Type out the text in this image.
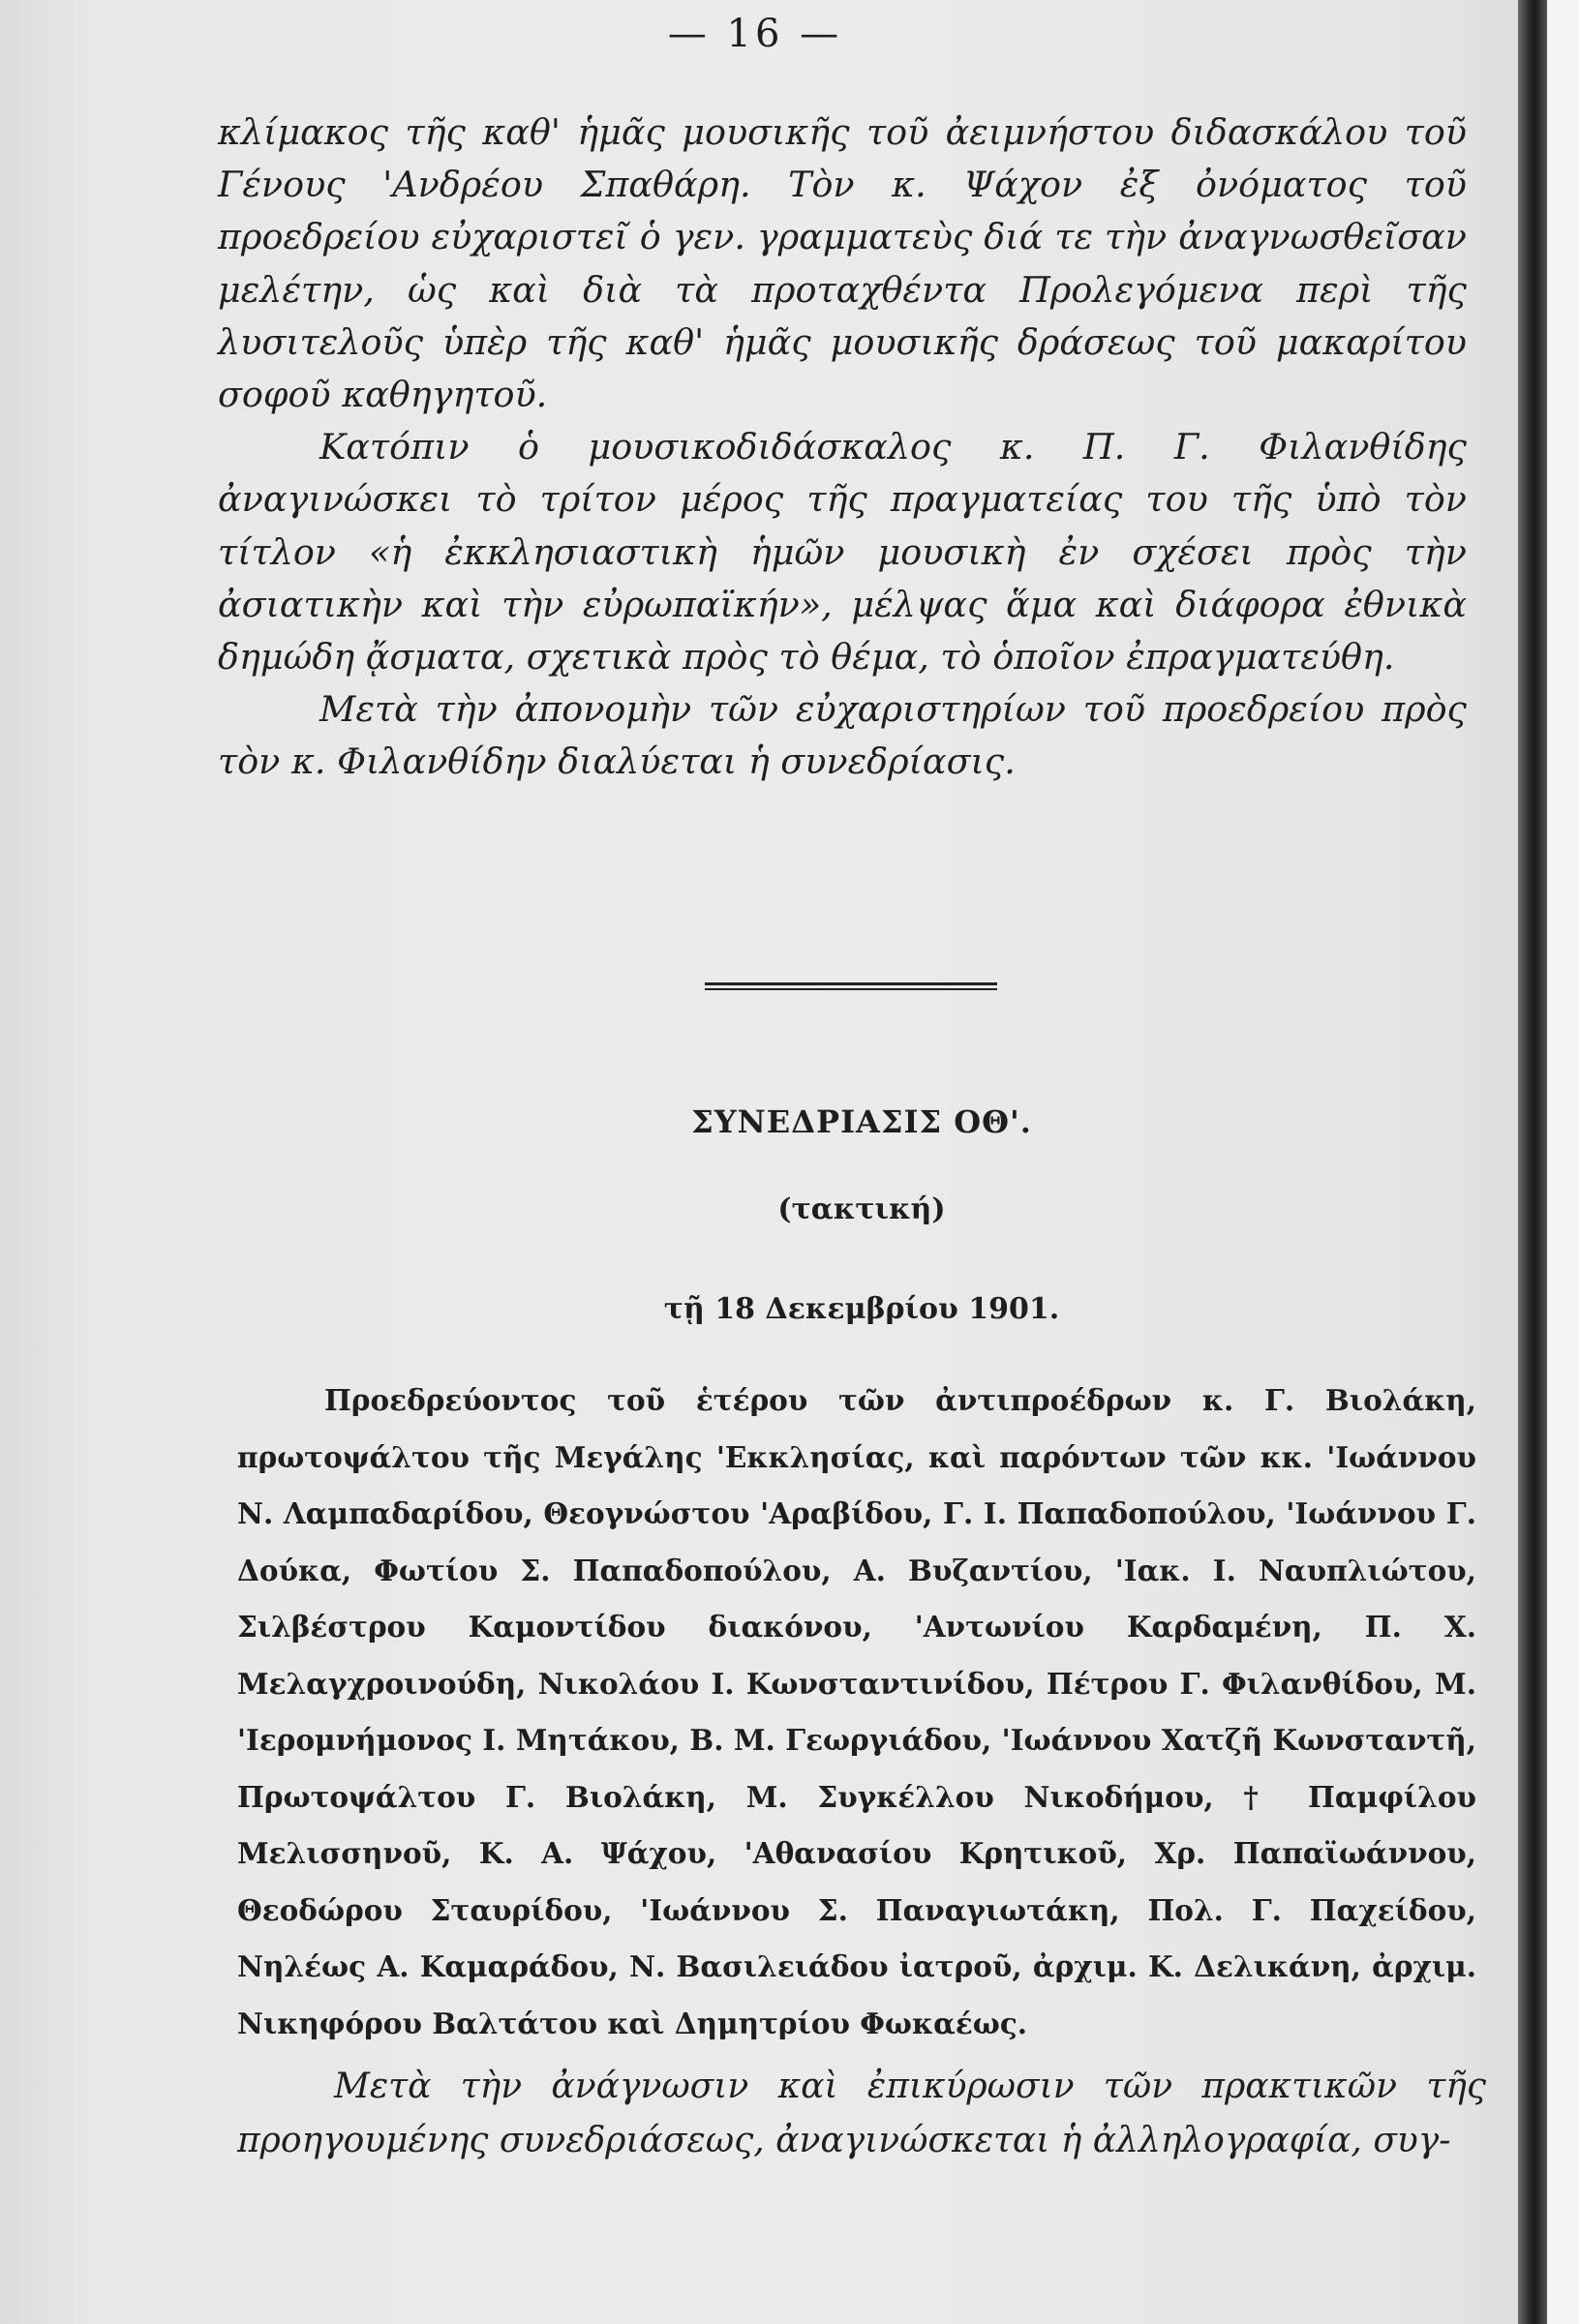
— 16 —

κλίμακος τῆς καθ' ἡμᾶς μουσικῆς τοῦ ἀειμνήστου διδασκάλου τοῦ Γένους 'Ανδρέου Σπαθάρη. Τὸν κ. Ψάχον ἐξ ὀνόματος τοῦ προεδρείου εὐχαριστεῖ ὁ γεν. γραμματεὺς διά τε τὴν ἀναγνωσθεῖσαν μελέτην, ὡς καὶ διὰ τὰ προταχθέντα Προλεγόμενα περὶ τῆς λυσιτελοῦς ὑπὲρ τῆς καθ' ἡμᾶς μουσικῆς δράσεως τοῦ μακαρίτου σοφοῦ καθηγητοῦ.

Κατόπιν ὁ μουσικοδιδάσκαλος κ. Π. Γ. Φιλανθίδης ἀναγινώσκει τὸ τρίτον μέρος τῆς πραγματείας του τῆς ὑπὸ τὸν τίτλον «ἡ ἐκκλησιαστικὴ ἡμῶν μουσικὴ ἐν σχέσει πρὸς τὴν ἀσιατικὴν καὶ τὴν εὐρωπαϊκήν», μέλψας ἅμα καὶ διάφορα ἐθνικὰ δημώδη ᾄσματα, σχετικὰ πρὸς τὸ θέμα, τὸ ὁποῖον ἐπραγματεύθη.

Μετὰ τὴν ἀπονομὴν τῶν εὐχαριστηρίων τοῦ προεδρείου πρὸς τὸν κ. Φιλανθίδην διαλύεται ἡ συνεδρίασις.

ΣΥΝΕΔΡΙΑΣΙΣ ΟΘ'.
(τακτική)
τῇ 18 Δεκεμβρίου 1901.
Προεδρεύοντος τοῦ ἑτέρου τῶν ἀντιπροέδρων κ. Γ. Βιολάκη, πρωτοψάλτου τῆς Μεγάλης 'Εκκλησίας, καὶ παρόντων τῶν κκ. 'Ιωάννου Ν. Λαμπαδαρίδου, Θεογνώστου 'Αραβίδου, Γ. Ι. Παπαδοπούλου, 'Ιωάννου Γ. Δούκα, Φωτίου Σ. Παπαδοπούλου, Α. Βυζαντίου, 'Ιακ. Ι. Ναυπλιώτου, Σιλβέστρου Καμοντίδου διακόνου, 'Αντωνίου Καρδαμένη, Π. Χ. Μελαγχροινούδη, Νικολάου Ι. Κωνσταντινίδου, Πέτρου Γ. Φιλανθίδου, Μ. 'Ιερομνήμονος Ι. Μητάκου, Β. Μ. Γεωργιάδου, 'Ιωάννου Χατζῆ Κωνσταντῆ, Πρωτοψάλτου Γ. Βιολάκη, Μ. Συγκέλλου Νικοδήμου, † Παμφίλου Μελισσηνοῦ, Κ. Α. Ψάχου, 'Αθανασίου Κρητικοῦ, Χρ. Παπαϊωάννου, Θεοδώρου Σταυρίδου, 'Ιωάννου Σ. Παναγιωτάκη, Πολ. Γ. Παχείδου, Νηλέως Α. Καμαράδου, Ν. Βασιλειάδου ἰατροῦ, ἀρχιμ. Κ. Δελικάνη, ἀρχιμ. Νικηφόρου Βαλτάτου καὶ Δημητρίου Φωκαέως.
Μετὰ τὴν ἀνάγνωσιν καὶ ἐπικύρωσιν τῶν πρακτικῶν τῆς προηγουμένης συνεδριάσεως, ἀναγινώσκεται ἡ ἀλληλογραφία, συγ-
